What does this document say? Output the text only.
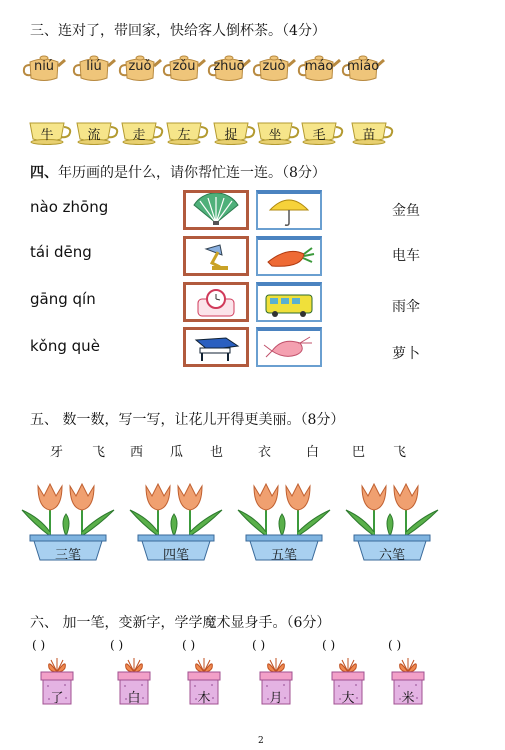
三、连对了，带回家，快给客人倒杯茶。（4分）
niú	liú	zuǒ	zǒu	zhuō	zuò	máo miáo
牛	流	走	左	捉	坐	毛	苗
四、年历画的是什么，请你帮忙连一连。（8分）
nào zhōng
tái dēng
gāng qín
kǒng què
金鱼
电车
雨伞
萝卜
五、 数一数，写一写，让花儿开得更美丽。（8分）
牙 飞 西 瓜 也	衣	白	巴 飞
三笔	四笔	五笔	六笔
六、 加一笔，变新字，学学魔术显身手。（6分）
( )	( )	( )	( )	( )	( )
了	白	木	月	大	米
2
